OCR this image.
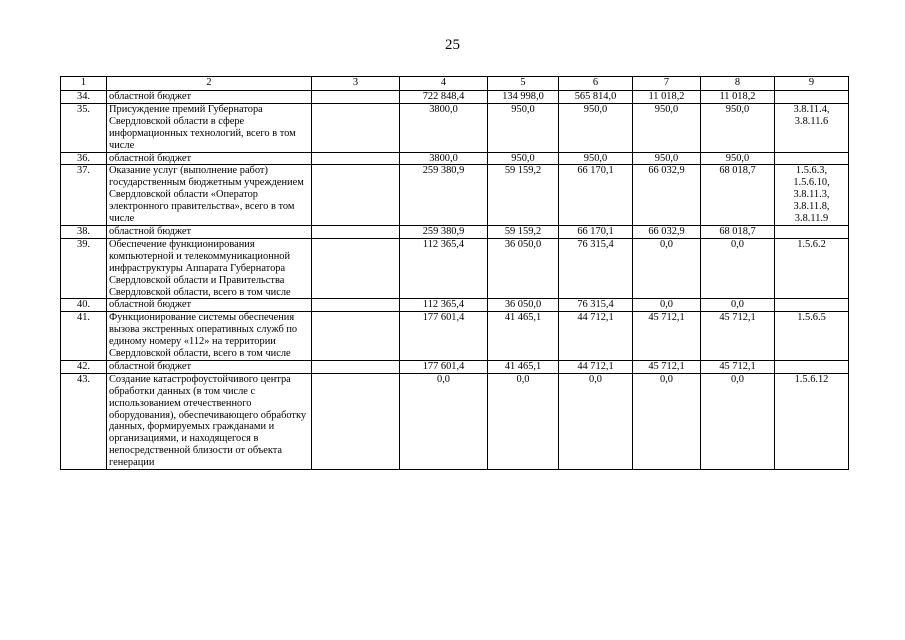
25
1	2	3	4	5	6	7	8	9
34.	областной бюджет		722 848,4	134 998,0	565 814,0	11 018,2	11 018,2	
35.	Присуждение премий Губернатора Свердловской области в сфере информационных технологий, всего в том числе		3800,0	950,0	950,0	950,0	950,0	3.8.11.4, 3.8.11.6
36.	областной бюджет		3800,0	950,0	950,0	950,0	950,0	
37.	Оказание услуг (выполнение работ) государственным бюджетным учреждением Свердловской области «Оператор электронного правительства», всего в том числе		259 380,9	59 159,2	66 170,1	66 032,9	68 018,7	1.5.6.3, 1.5.6.10, 3.8.11.3, 3.8.11.8, 3.8.11.9
38.	областной бюджет		259 380,9	59 159,2	66 170,1	66 032,9	68 018,7	
39.	Обеспечение функционирования компьютерной и телекоммуникационной инфраструктуры Аппарата Губернатора Свердловской области и Правительства Свердловской области, всего в том числе		112 365,4	36 050,0	76 315,4	0,0	0,0	1.5.6.2
40.	областной бюджет		112 365,4	36 050,0	76 315,4	0,0	0,0	
41.	Функционирование системы обеспечения вызова экстренных оперативных служб по единому номеру «112» на территории Свердловской области, всего в том числе		177 601,4	41 465,1	44 712,1	45 712,1	45 712,1	1.5.6.5
42.	областной бюджет		177 601,4	41 465,1	44 712,1	45 712,1	45 712,1	
43.	Создание катастрофоустойчивого центра обработки данных (в том числе с использованием отечественного оборудования), обеспечивающего обработку данных, формируемых гражданами и организациями, и находящегося в непосредственной близости от объекта генерации		0,0	0,0	0,0	0,0	0,0	1.5.6.12
